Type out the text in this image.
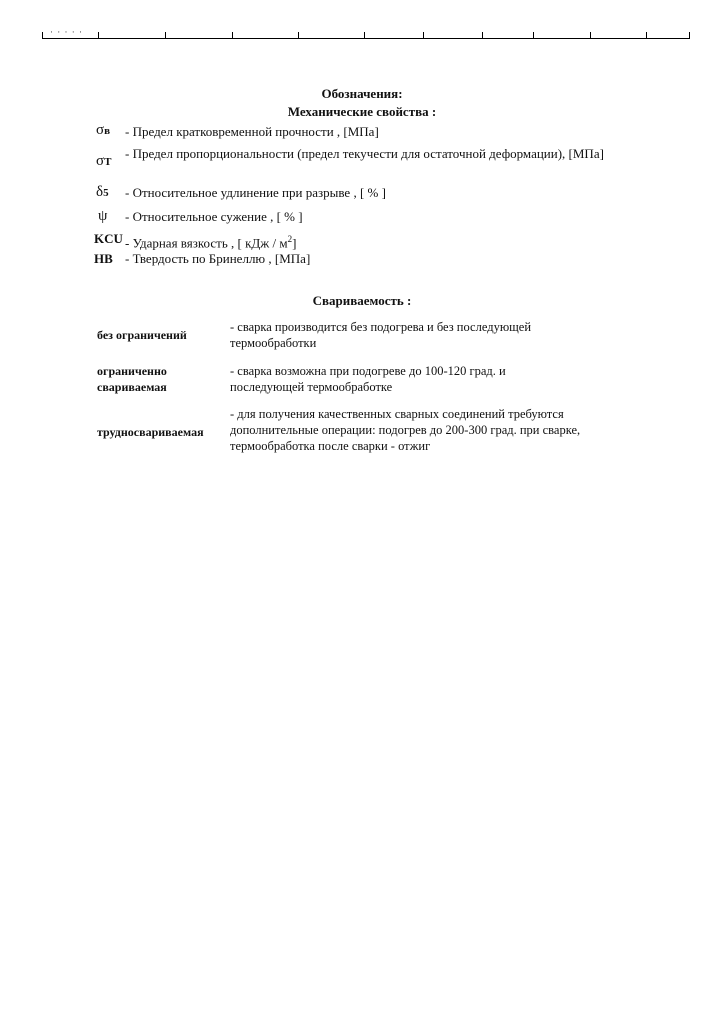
· · · · ·
Обозначения:
Механические свойства :
σв - Предел кратковременной прочности , [МПа]
σT
- Предел пропорциональности (предел текучести для остаточной деформации), [МПа]
δ5 - Относительное удлинение при разрыве , [ % ]
ψ - Относительное сужение , [ % ]
KCU - Ударная вязкость , [ кДж / $м^2$]
HB - Твердость по Бринеллю , [МПа]
Свариваемость :
без ограничений
- сварка производится без подогрева и без последующей термообработки
ограниченно свариваемая
- сварка возможна при подогреве до 100-120 град. и последующей термообработке
трудносвариваемая
- для получения качественных сварных соединений требуются дополнительные операции: подогрев до 200-300 град. при сварке, термообработка после сварки - отжиг
